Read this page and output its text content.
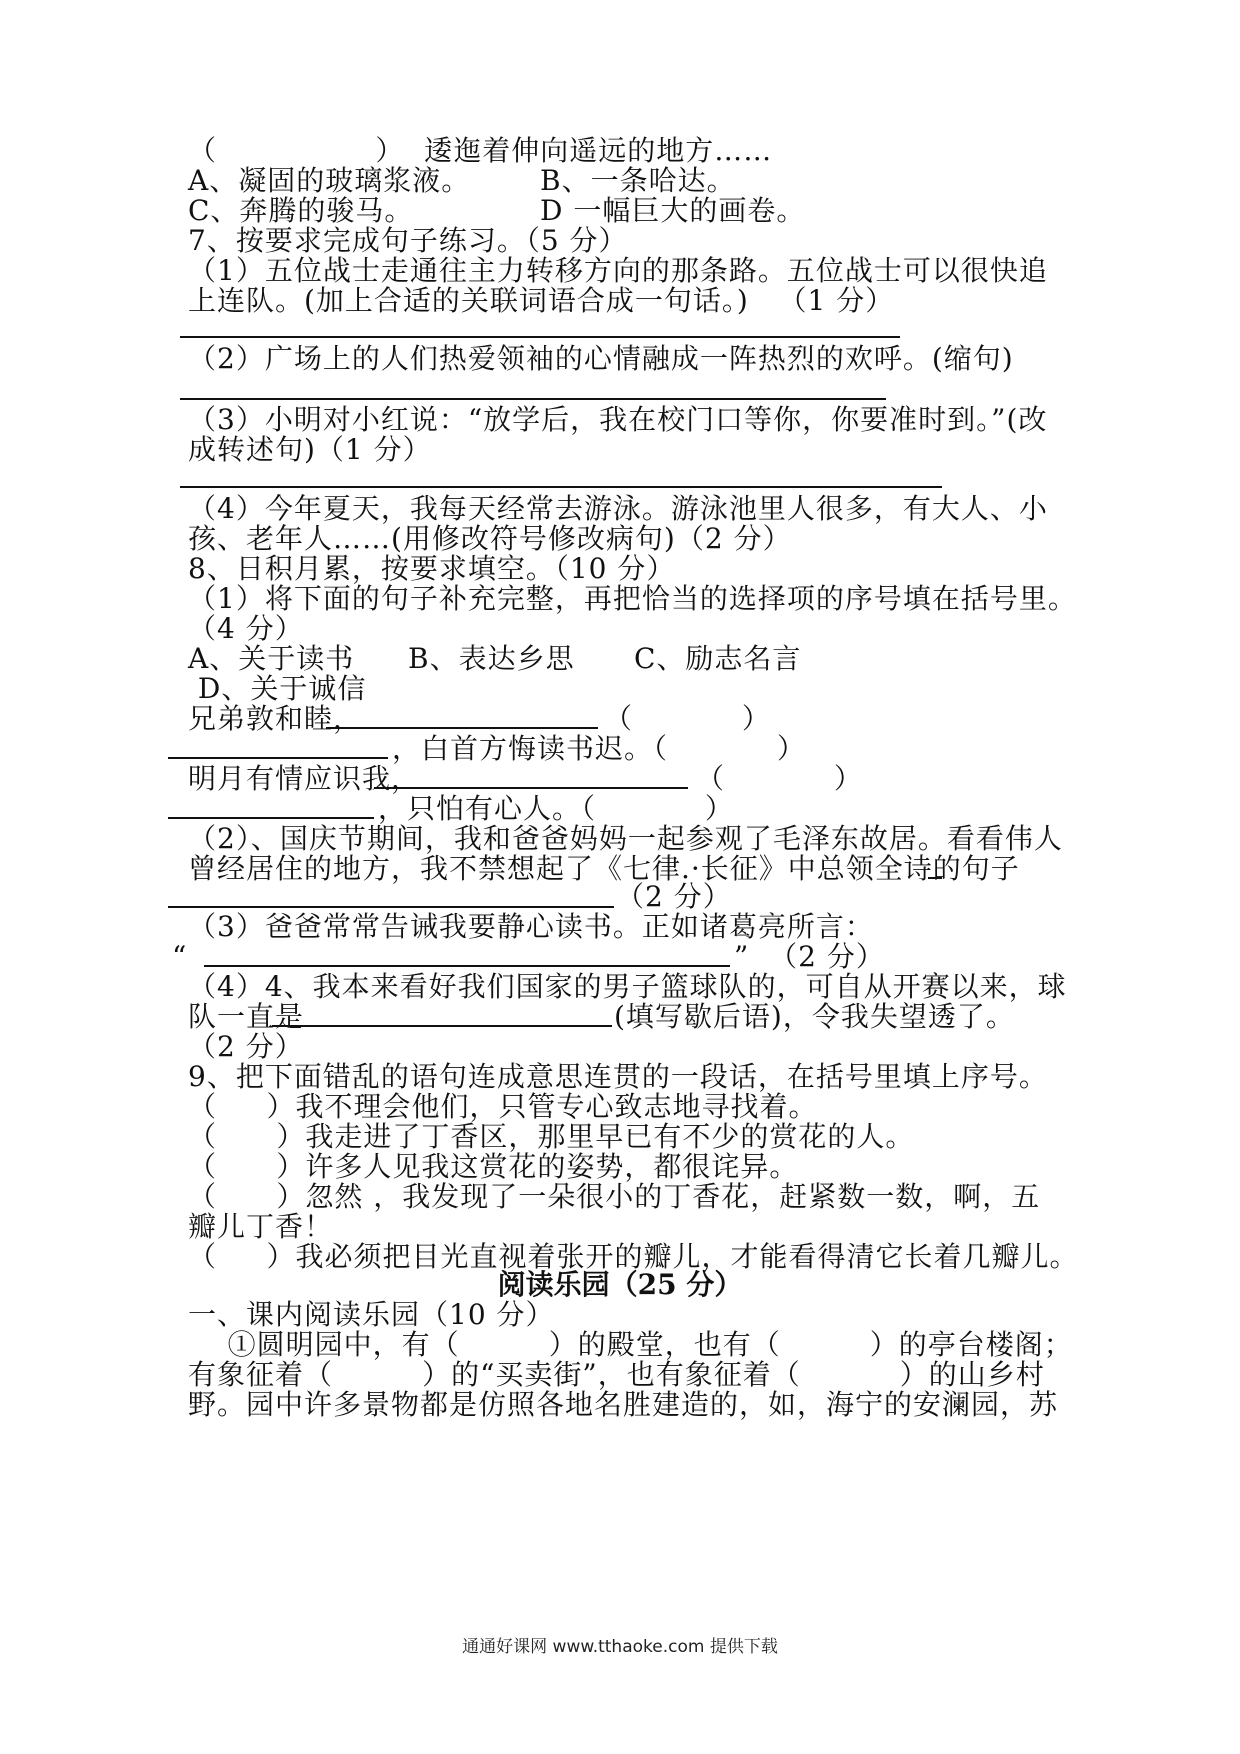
（                ）  逶迤着伸向遥远的地方……
A、凝固的玻璃浆液。 B、一条哈达。
C、奔腾的骏马。	D 一幅巨大的画卷。
7、按要求完成句子练习。（5 分）
（1）五位战士走通往主力转移方向的那条路。五位战士可以很快追
上连队。(加上合适的关联词语合成一句话。)   （1 分）
（2）广场上的人们热爱领袖的心情融成一阵热烈的欢呼。(缩句)
（3）小明对小红说：“放学后，我在校门口等你，你要准时到。”(改
成转述句)（1 分）
（4）今年夏天，我每天经常去游泳。游泳池里人很多，有大人、小
孩、老年人……(用修改符号修改病句)（2 分）
8、日积月累，按要求填空。（10 分）
（1）将下面的句子补充完整，再把恰当的选择项的序号填在括号里。
（4 分）
A、关于读书 B、表达乡思 C、励志名言
D、关于诚信
兄弟敦和睦，	（           ）
，白首方悔读书迟。（           ）
明月有情应识我，	（           ）
，只怕有心人。（           ）
（2）、国庆节期间，我和爸爸妈妈一起参观了毛泽东故居。看看伟人
曾经居住的地方，我不禁想起了《七律.·长征》中总领全诗的句子
（2 分）
（3）爸爸常常告诫我要静心读书。正如诸葛亮所言：
“	”  （2 分）
（4）4、我本来看好我们国家的男子篮球队的，可自从开赛以来，球
队一直是	(填写歇后语)，令我失望透了。
（2 分）
9、把下面错乱的语句连成意思连贯的一段话，在括号里填上序号。
（     ）我不理会他们，只管专心致志地寻找着。
（      ）我走进了丁香区，那里早已有不少的赏花的人。
（      ）许多人见我这赏花的姿势，都很诧异。
（      ）忽然 ，我发现了一朵很小的丁香花，赶紧数一数，啊，五
瓣儿丁香！
（     ）我必须把目光直视着张开的瓣儿，才能看得清它长着几瓣儿。
阅读乐园（25 分）
一、课内阅读乐园（10 分）
①圆明园中，有（         ）的殿堂，也有（         ）的亭台楼阁；
有象征着（         ）的“买卖街”，也有象征着（          ）的山乡村
野。园中许多景物都是仿照各地名胜建造的，如，海宁的安澜园，苏
通通好课网 www.tthaoke.com 提供下载
